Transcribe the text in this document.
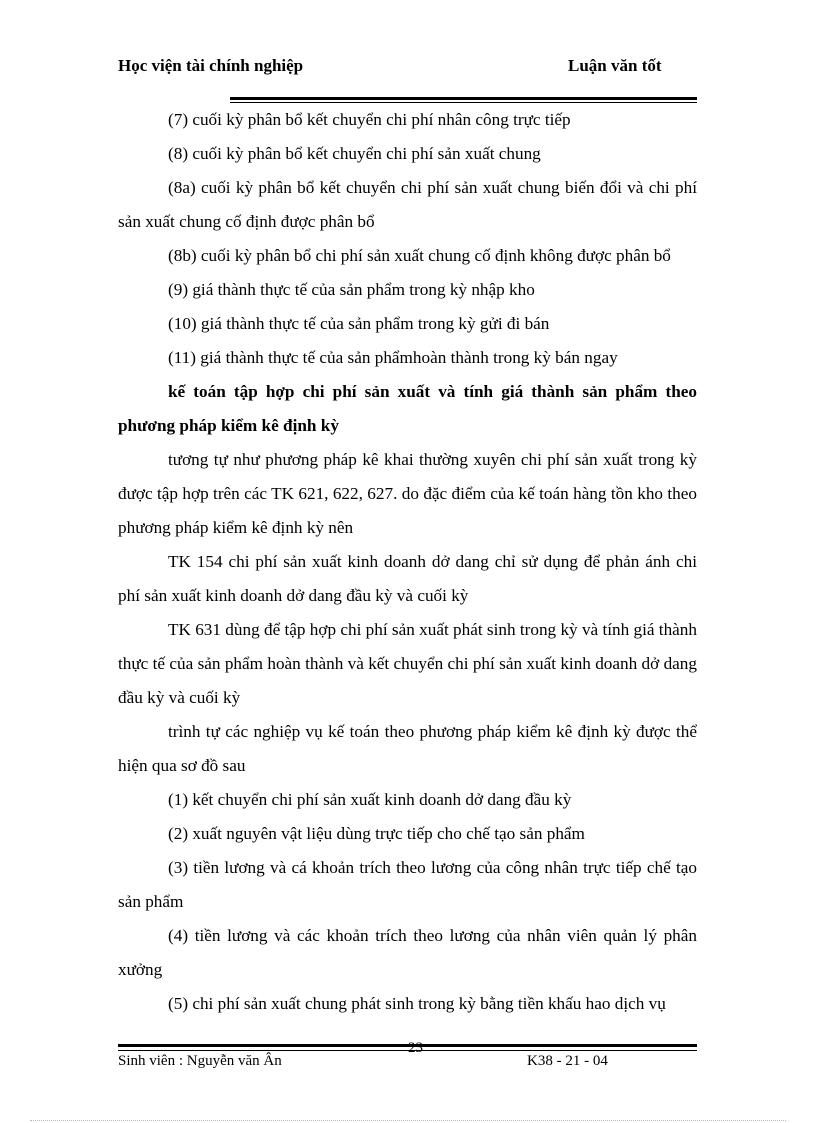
Học viện tài chính nghiệp	Luận văn tốt

(7) cuối kỳ phân bổ kết chuyển chi phí nhân công trực tiếp

(8) cuối kỳ phân bổ kết chuyển chi phí sản xuất chung

(8a) cuối kỳ phân bổ kết chuyển chi phí sản xuất chung biến đổi và chi phí sản xuất chung cố định được phân bổ

(8b) cuối kỳ phân bổ chi phí sản xuất chung cố định không được phân bổ

(9) giá thành thực tế của sản phẩm trong kỳ nhập kho

(10) giá thành thực tế của sản phẩm trong kỳ gửi đi bán

(11) giá thành thực tế của sản phẩmhoàn thành trong kỳ bán ngay

kế toán tập hợp chi phí sản xuất và tính giá thành sản phẩm theo phương pháp kiểm kê định kỳ

tương tự như phương pháp kê khai thường xuyên chi phí sản xuất trong kỳ được tập hợp trên các TK 621, 622, 627. do đặc điểm của kế toán hàng tồn kho theo phương pháp kiểm kê định kỳ nên

TK 154 chi phí sản xuất kinh doanh dở dang chỉ sử dụng để phản ánh chi phí sản xuất kinh doanh dở dang đầu kỳ và cuối kỳ

TK 631 dùng để tập hợp chi phí sản xuất phát sinh trong kỳ và tính giá thành thực tế của sản phẩm hoàn thành và kết chuyển chi phí sản xuất kinh doanh dở dang đầu kỳ và cuối kỳ

trình tự các nghiệp vụ kế toán theo phương pháp kiểm kê định kỳ được thể hiện qua sơ đồ sau

(1) kết chuyển chi phí sản xuất kinh doanh dở dang đầu kỳ

(2) xuất nguyên vật liệu dùng trực tiếp cho chế tạo sản phẩm

(3) tiền lương và cá khoản trích theo lương của công nhân trực tiếp chế tạo sản phẩm

(4) tiền lương và các khoản trích theo lương của nhân viên quản lý phân xưởng

(5) chi phí sản xuất chung phát sinh trong kỳ bằng tiền khấu hao dịch vụ

Sinh viên : Nguyễn văn Ân
23
K38 - 21 - 04
